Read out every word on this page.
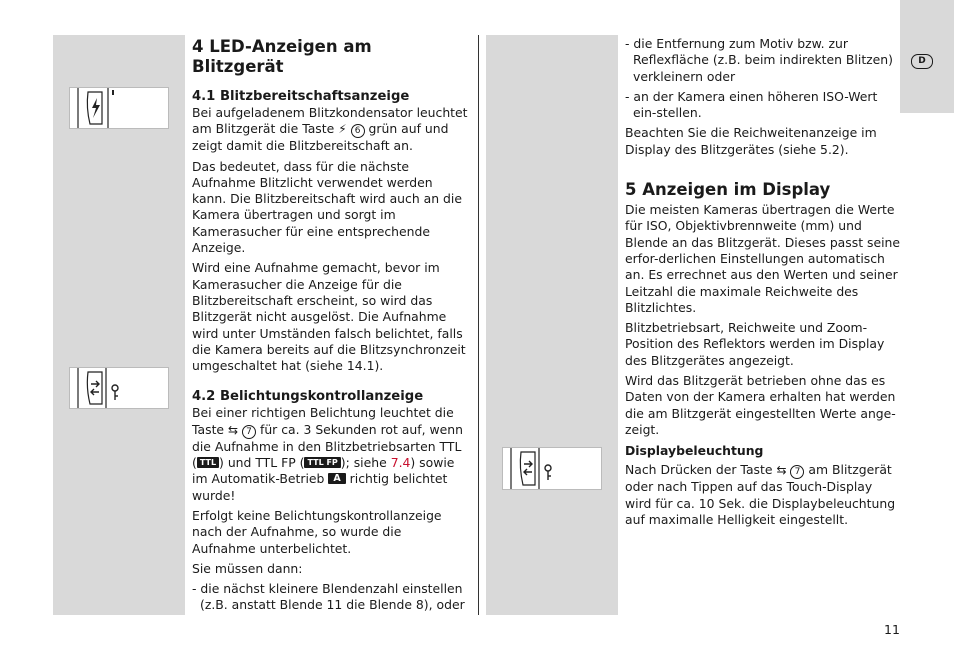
D
4 LED-Anzeigen am Blitzgerät
4.1 Blitzbereitschaftsanzeige

Bei aufgeladenem Blitzkondensator leuchtet am Blitzgerät die Taste ⚡︎ 6 grün auf und zeigt damit die Blitzbereitschaft an.

Das bedeutet, dass für die nächste Aufnahme Blitzlicht verwendet werden kann. Die Blitzbereitschaft wird auch an die Kamera übertragen und sorgt im Kamerasucher für eine entsprechende Anzeige.

Wird eine Aufnahme gemacht, bevor im Kamerasucher die Anzeige für die Blitzbereitschaft erscheint, so wird das Blitzgerät nicht ausgelöst. Die Aufnahme wird unter Umständen falsch belichtet, falls die Kamera bereits auf die Blitzsynchronzeit umgeschaltet hat (siehe 14.1).

4.2 Belichtungskontrollanzeige

Bei einer richtigen Belichtung leuchtet die Taste ⇆ 7 für ca. 3 Sekunden rot auf, wenn die Aufnahme in den Blitzbetriebsarten TTL ( TTL ) und TTL FP ( TTL FP ); siehe 7.4) sowie im Automatik-Betrieb A richtig belichtet wurde!

Erfolgt keine Belichtungskontrollanzeige nach der Aufnahme, so wurde die Aufnahme unterbelichtet.

Sie müssen dann:

- die nächst kleinere Blendenzahl einstellen (z.B. anstatt Blende 11 die Blende 8), oder

- die Entfernung zum Motiv bzw. zur Reflexfläche (z.B. beim indirekten Blitzen) verkleinern oder

- an der Kamera einen höheren ISO-Wert ein-stellen.

Beachten Sie die Reichweitenanzeige im Display des Blitzgerätes (siehe 5.2).

5 Anzeigen im Display

Die meisten Kameras übertragen die Werte für ISO, Objektivbrennweite (mm) und Blende an das Blitzgerät. Dieses passt seine erfor-derlichen Einstellungen automatisch an. Es errechnet aus den Werten und seiner Leitzahl die maximale Reichweite des Blitzlichtes.

Blitzbetriebsart, Reichweite und Zoom-Position des Reflektors werden im Display des Blitzgerätes angezeigt.

Wird das Blitzgerät betrieben ohne das es Daten von der Kamera erhalten hat werden die am Blitzgerät eingestellten Werte ange-zeigt.

Displaybeleuchtung

Nach Drücken der Taste ⇆ 7 am Blitzgerät oder nach Tippen auf das Touch-Display wird für ca. 10 Sek. die Displaybeleuchtung auf maximalle Helligkeit eingestellt.

11
